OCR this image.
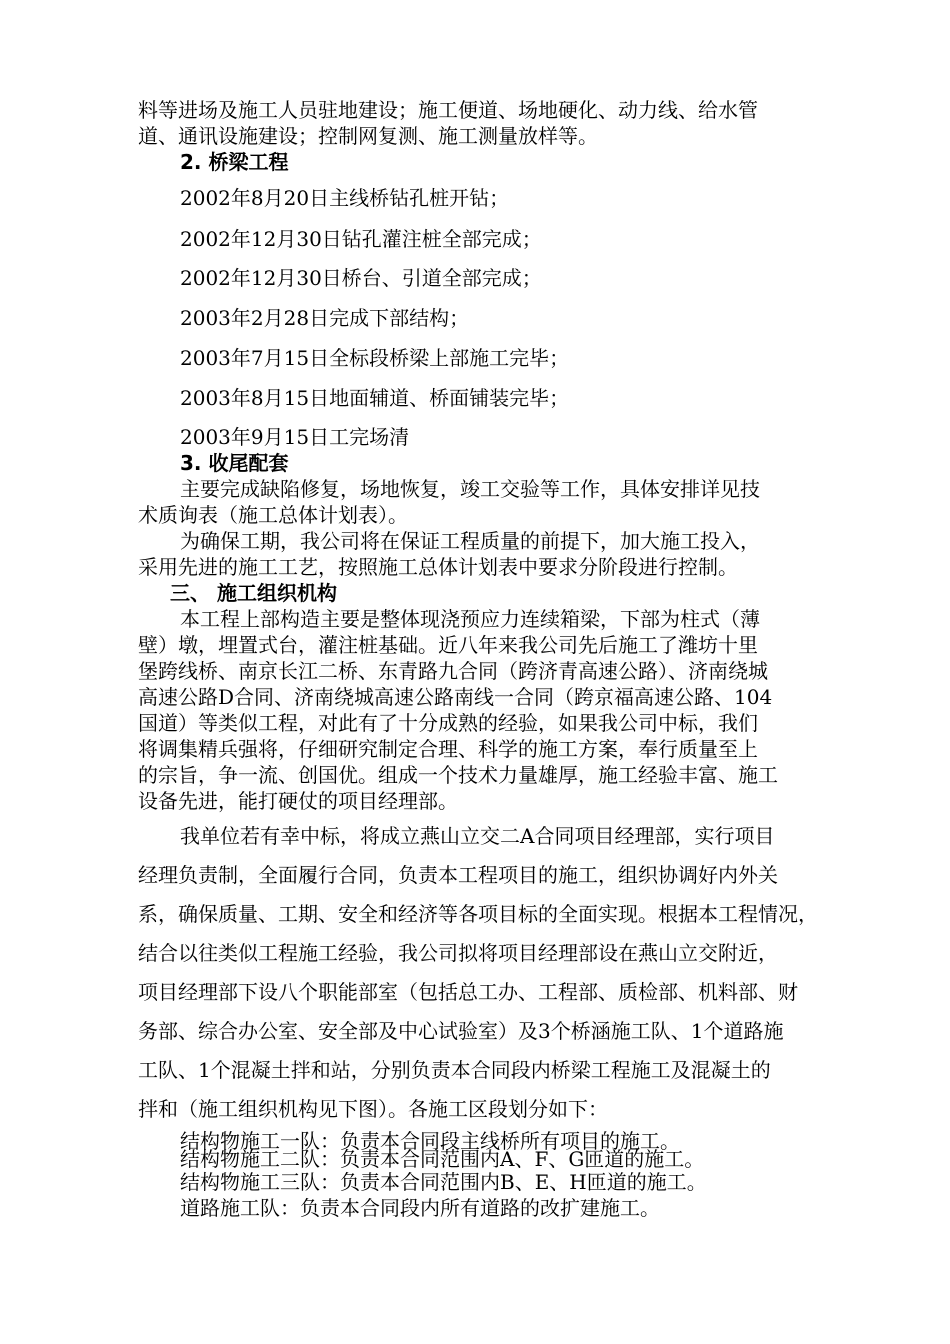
料等进场及施工人员驻地建设；施工便道、场地硬化、动力线、给水管
道、通讯设施建设；控制网复测、施工测量放样等。
2. 桥梁工程
2002年8月20日主线桥钻孔桩开钻；
2002年12月30日钻孔灌注桩全部完成；
2002年12月30日桥台、引道全部完成；
2003年2月28日完成下部结构；
2003年7月15日全标段桥梁上部施工完毕；
2003年8月15日地面辅道、桥面铺装完毕；
2003年9月15日工完场清
3. 收尾配套
主要完成缺陷修复，场地恢复，竣工交验等工作，具体安排详见技
术质询表（施工总体计划表）。
为确保工期，我公司将在保证工程质量的前提下，加大施工投入，
采用先进的施工工艺，按照施工总体计划表中要求分阶段进行控制。
三、 施工组织机构
本工程上部构造主要是整体现浇预应力连续箱梁，下部为柱式（薄
壁）墩，埋置式台，灌注桩基础。近八年来我公司先后施工了潍坊十里
堡跨线桥、南京长江二桥、东青路九合同（跨济青高速公路）、济南绕城
高速公路D合同、济南绕城高速公路南线一合同（跨京福高速公路、104
国道）等类似工程，对此有了十分成熟的经验，如果我公司中标，我们
将调集精兵强将，仔细研究制定合理、科学的施工方案，奉行质量至上
的宗旨，争一流、创国优。组成一个技术力量雄厚，施工经验丰富、施工
设备先进，能打硬仗的项目经理部。
我单位若有幸中标，将成立燕山立交二A合同项目经理部，实行项目
经理负责制，全面履行合同，负责本工程项目的施工，组织协调好内外关
系，确保质量、工期、安全和经济等各项目标的全面实现。根据本工程情况，
结合以往类似工程施工经验，我公司拟将项目经理部设在燕山立交附近，
项目经理部下设八个职能部室（包括总工办、工程部、质检部、机料部、财
务部、综合办公室、安全部及中心试验室）及3个桥涵施工队、1个道路施
工队、1个混凝土拌和站，分别负责本合同段内桥梁工程施工及混凝土的
拌和（施工组织机构见下图）。各施工区段划分如下：
结构物施工一队：负责本合同段主线桥所有项目的施工。
结构物施工二队：负责本合同范围内A、F、G匝道的施工。
结构物施工三队：负责本合同范围内B、E、H匝道的施工。
道路施工队：负责本合同段内所有道路的改扩建施工。
